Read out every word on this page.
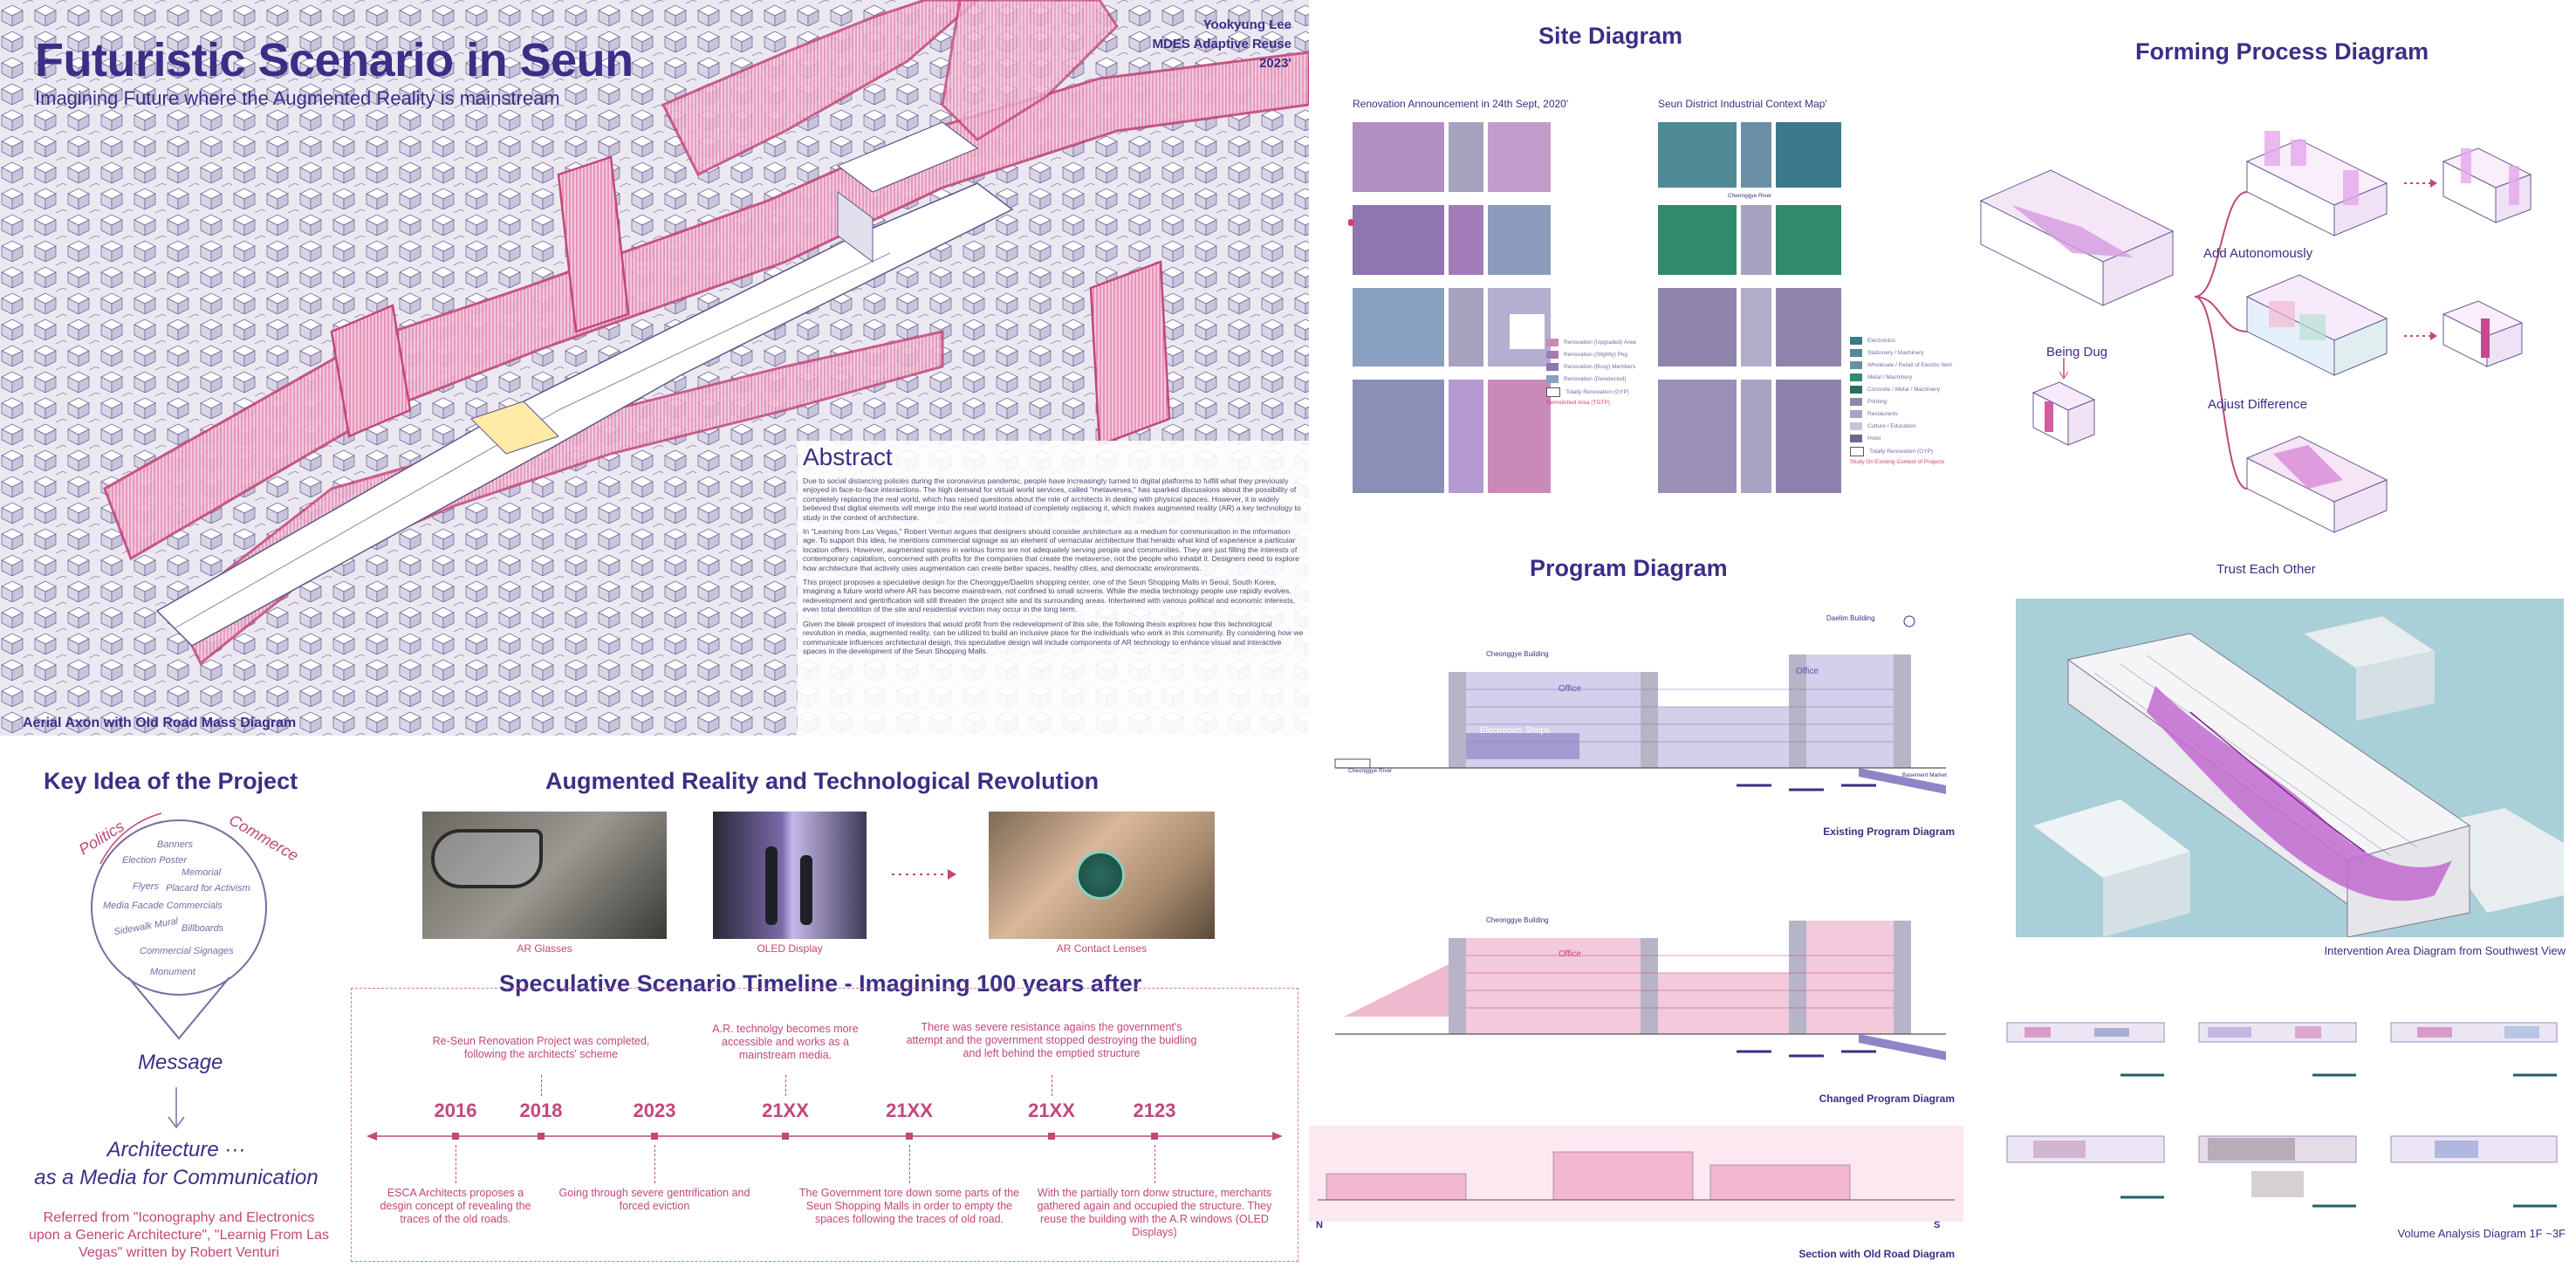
Futuristic Scenario in Seun
Imagining Future where the Augmented Reality is mainstream
Yookyung Lee
MDES Adaptive Reuse
2023'
Abstract

Due to social distancing policies during the coronavirus pandemic, people have increasingly turned to digital platforms to fulfill what they previously enjoyed in face-to-face interactions. The high demand for virtual world services, called "metaverses," has sparked discussions about the possibility of completely replacing the real world, which has raised questions about the role of architects in dealing with physical spaces. However, it is widely believed that digital elements will merge into the real world instead of completely replacing it, which makes augmented reality (AR) a key technology to study in the context of architecture.

In "Learning from Las Vegas," Robert Venturi argues that designers should consider architecture as a medium for communication in the information age. To support this idea, he mentions commercial signage as an element of vernacular architecture that heralds what kind of experience a particular location offers. However, augmented spaces in various forms are not adequately serving people and communities. They are just filling the interests of contemporary capitalism, concerned with profits for the companies that create the metaverse, not the people who inhabit it. Designers need to explore how architecture that actively uses augmentation can create better spaces, healthy cities, and democratic environments.

This project proposes a speculative design for the Cheonggye/Daelim shopping center, one of the Seun Shopping Malls in Seoul, South Korea, imagining a future world where AR has become mainstream, not confined to small screens. While the media technology people use rapidly evolves, redevelopment and gentrification will still threaten the project site and its surrounding areas. Intertwined with various political and economic interests, even total demolition of the site and residential eviction may occur in the long term.

Given the bleak prospect of investors that would profit from the redevelopment of this site, the following thesis explores how this technological revolution in media, augmented reality, can be utilized to build an inclusive place for the individuals who work in this community. By considering how we communicate influences architectural design, this speculative design will include components of AR technology to enhance visual and interactive spaces in the development of the Seun Shopping Malls.

Aerial Axon with Old Road Mass Diagram
Key Idea of the Project
Politics	Commerce
Banners
Election Poster
Memorial
Flyers Placard for Activism
Media Facade Commercials
Sidewalk Mural Billboards
Commercial Signages
Monument
Message
Architecture ···
as a Media for Communication
Referred from "Iconography and Electronics upon a Generic Architecture", "Learnig From Las Vegas" written by Robert Venturi
Augmented Reality and Technological Revolution
AR Glasses	OLED Display	AR Contact Lenses
Speculative Scenario Timeline - Imagining 100 years after
2016
ESCA Architects proposes a desgin concept of revealing the traces of the old roads.
2018
Re-Seun Renovation Project was completed, following the architects' scheme
2023
Going through severe gentrification and forced eviction
21XX
A.R. technolgy becomes more accessible and works as a mainstream media.
21XX
The Government tore down some parts of the Seun Shopping Malls in order to empty the spaces following the traces of old road.
21XX
There was severe resistance agains the government's attempt and the government stopped destroying the buidling and left behind the emptied structure
2123
With the partially torn donw structure, merchants gathered again and occupied the structure. They reuse the building with the A.R windows (OLED Displays)
Site Diagram
Renovation Announcement in 24th Sept, 2020'	Seun District Industrial Context Map'
Renovation (Upgraded) Area
Renovation (Slightly) Pkg
Renovation (Busy) Members
Renovation (Deselected)
Totally Renovation (GYP)
Demolished Area (TGTP)
Cheonggye River
Electronics
Stationery / Machinery
Wholesale / Retail of Electric Item
Metal / Machinery
Concrete / Metal / Machinery
Printing
Restaurants
Culture / Education
Hotel
Totally Renovation (GYP)
Study On Existing Context of Projects
Program Diagram
Cheonggye Building
Daelim Building
Office
Office
Electronics Shops
Cheonggye River
Basement Market
Existing Program Diagram
Cheonggye Building
Office
Changed Program Diagram
N	S
Section with Old Road Diagram
Forming Process Diagram
Being Dug
Add Autonomously
Adjust Difference
Trust Each Other
Intervention Area Diagram from Southwest View
Volume Analysis Diagram 1F ~3F
